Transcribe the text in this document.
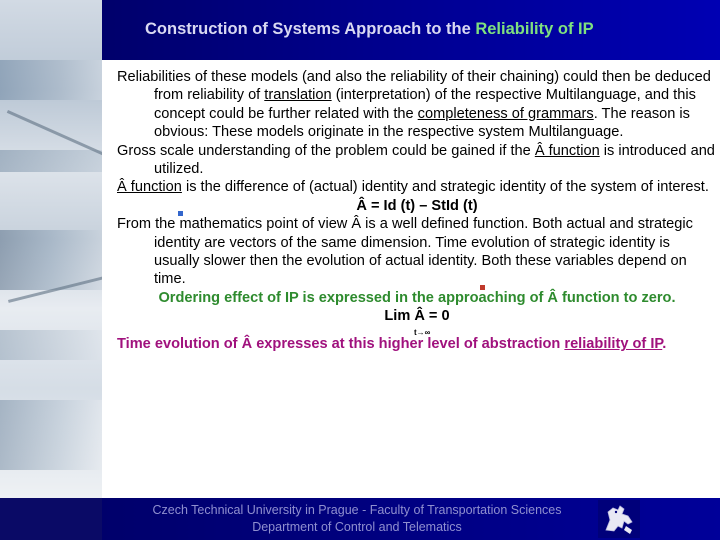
Construction of Systems Approach to the Reliability of IP

Reliabilities of these models (and also the reliability of their chaining) could then be deduced from reliability of translation (interpretation) of the respective Multilanguage, and this concept could be further related with the completeness of grammars. The reason is obvious: These models originate in the respective system Multilanguage.

Gross scale understanding of the problem could be gained if the Â function is introduced and utilized.

Â function is the difference of (actual) identity and strategic identity of the system of interest.

Â = Id (t) – StId (t)

From the mathematics point of view Â is a well defined function. Both actual and strategic identity are vectors of the same dimension. Time evolution of strategic identity is usually slower then the evolution of actual identity. Both these variables depend on time.

Ordering effect of IP is expressed in the approaching of Â function to zero.

Lim Â = 0
t→∞

Time evolution of Â expresses at this higher level of abstraction reliability of IP.

Czech Technical University in Prague - Faculty of Transportation Sciences
Department of Control and Telematics
